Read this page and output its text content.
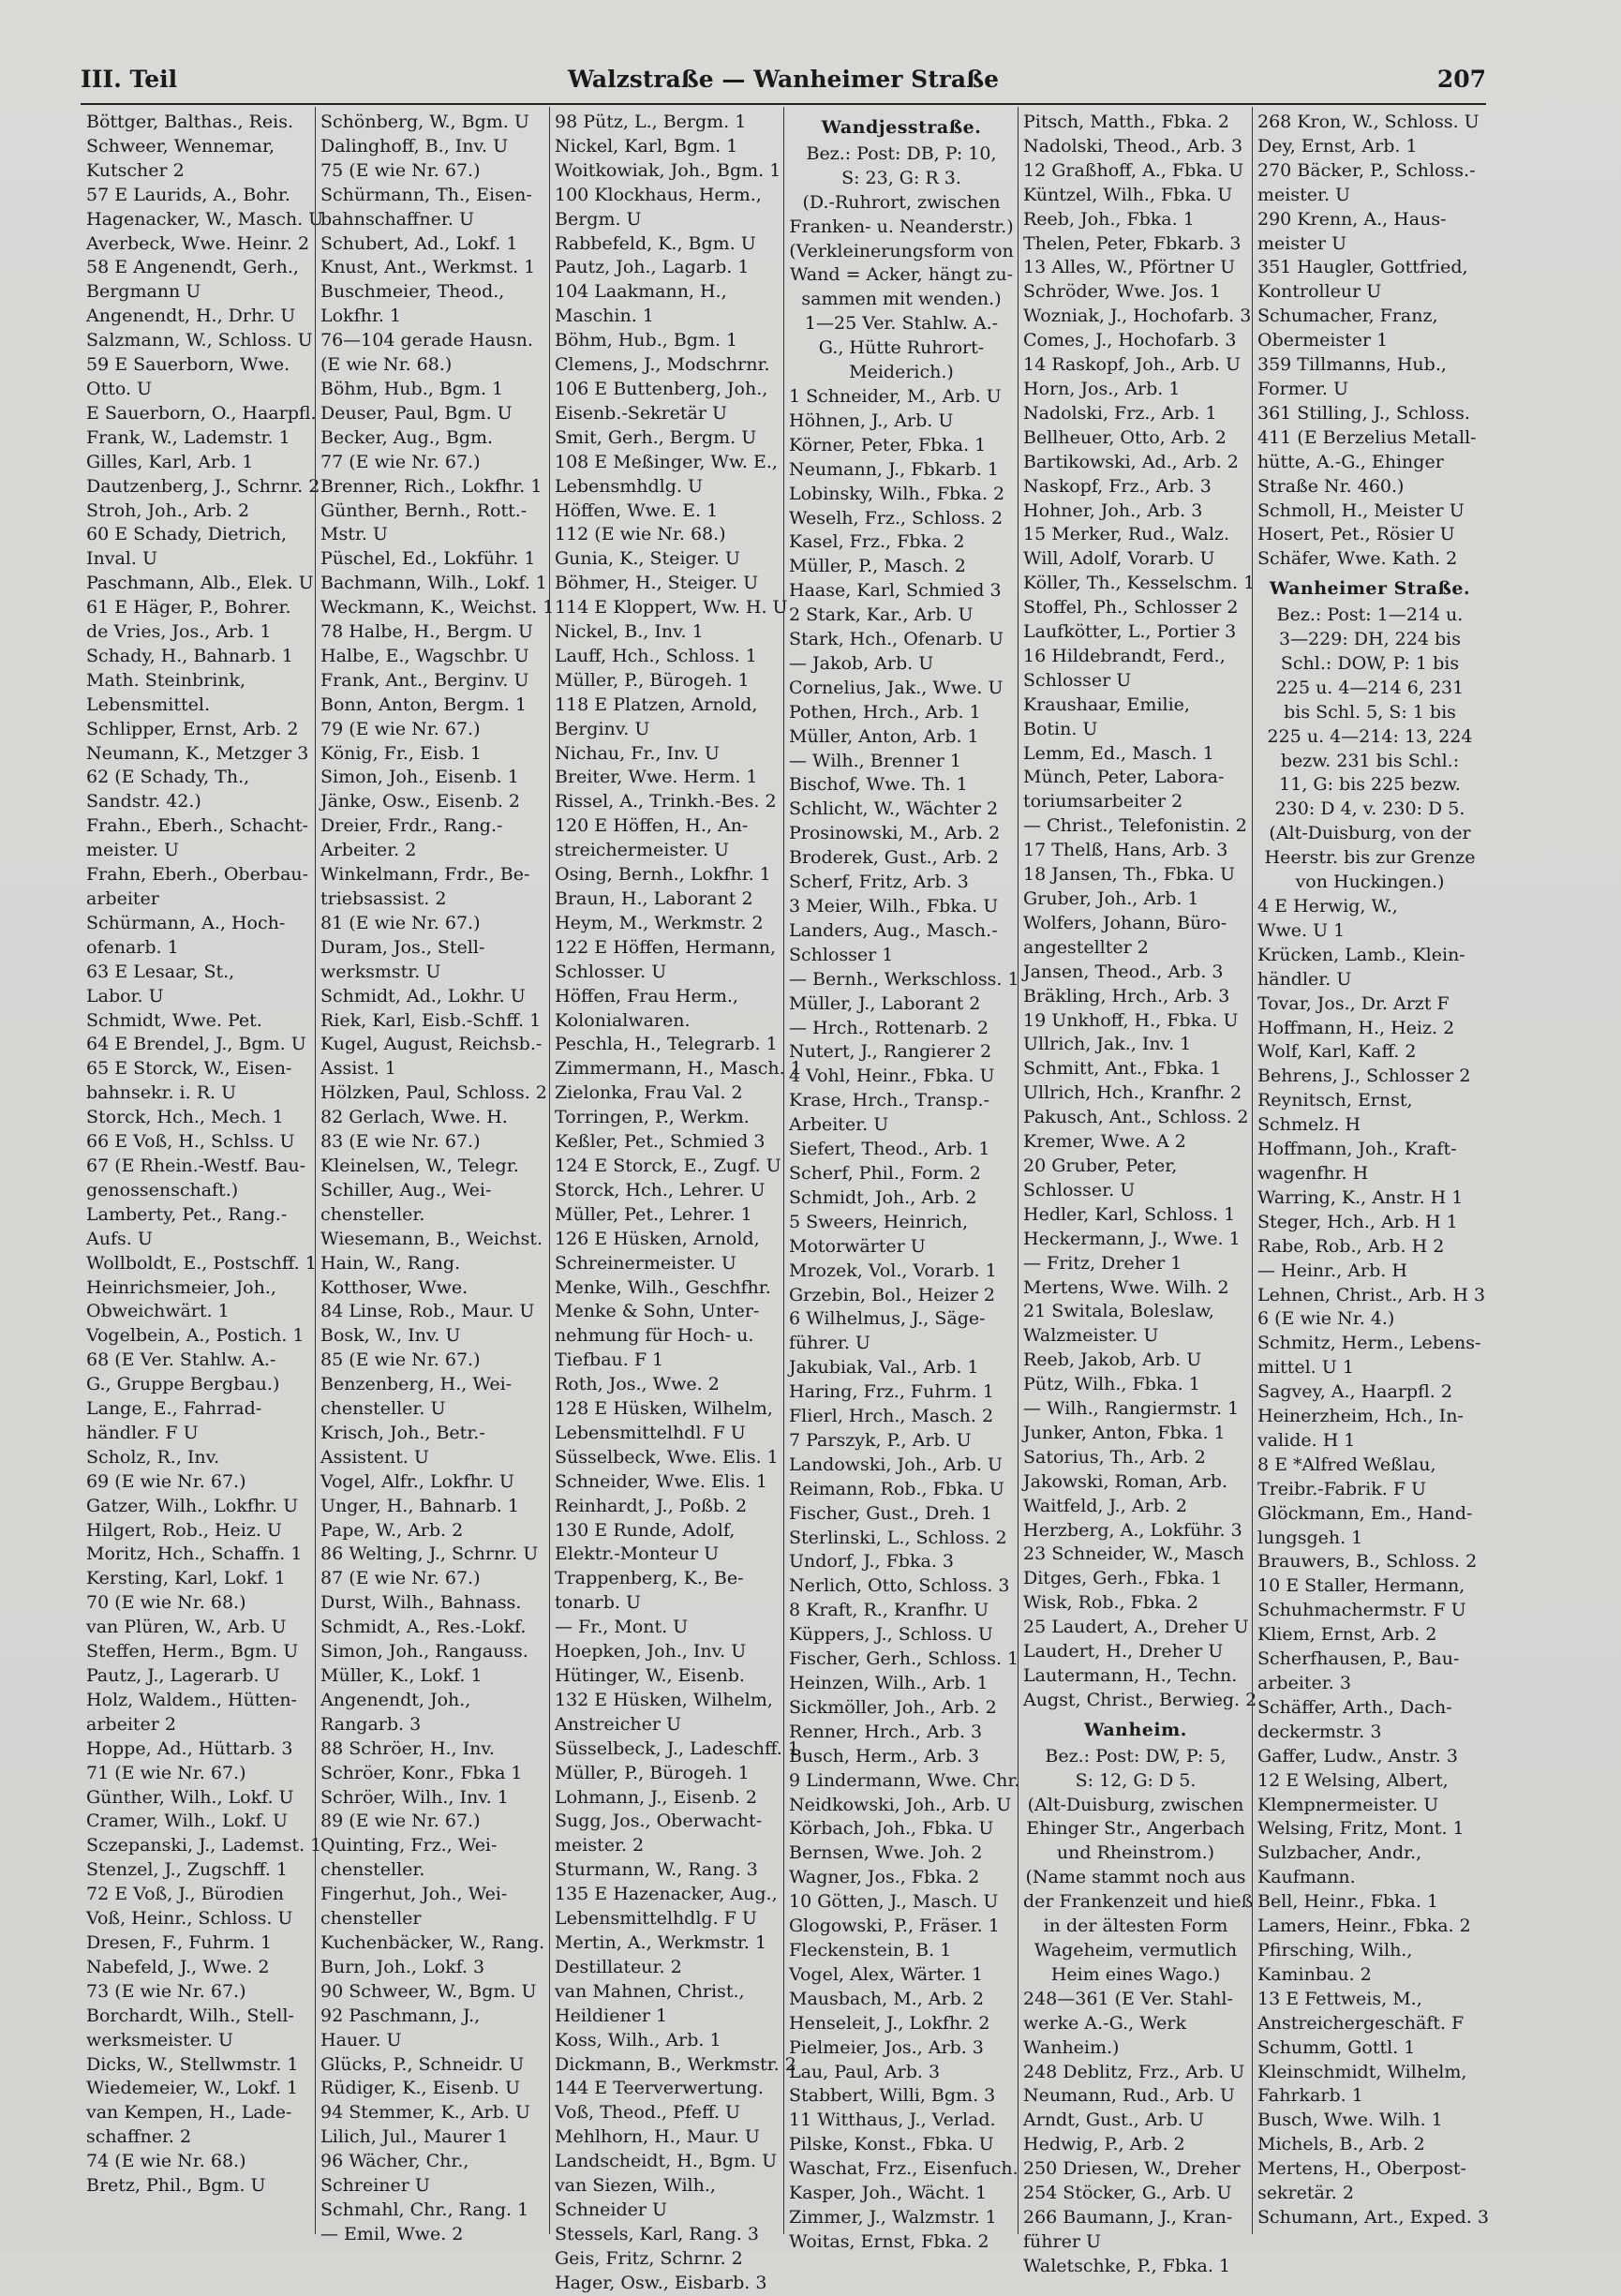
III. Teil	Walzstraße — Wanheimer Straße	207
Böttger, Balthas., Reis.
Schweer, Wennemar,
Kutscher 2
57 E Laurids, A., Bohr.
Hagenacker, W., Masch. U
Averbeck, Wwe. Heinr. 2
58 E Angenendt, Gerh.,
Bergmann U
Angenendt, H., Drhr. U
Salzmann, W., Schloss. U
59 E Sauerborn, Wwe.
Otto. U
E Sauerborn, O., Haarpfl.
Frank, W., Lademstr. 1
Gilles, Karl, Arb. 1
Dautzenberg, J., Schrnr. 2
Stroh, Joh., Arb. 2
60 E Schady, Dietrich,
Inval. U
Paschmann, Alb., Elek. U
61 E Häger, P., Bohrer.
de Vries, Jos., Arb. 1
Schady, H., Bahnarb. 1
Math. Steinbrink,
Lebensmittel.
Schlipper, Ernst, Arb. 2
Neumann, K., Metzger 3
62 (E Schady, Th.,
Sandstr. 42.)
Frahn., Eberh., Schacht-
meister. U
Frahn, Eberh., Oberbau-
arbeiter
Schürmann, A., Hoch-
ofenarb. 1
63 E Lesaar, St.,
Labor. U
Schmidt, Wwe. Pet.
64 E Brendel, J., Bgm. U
65 E Storck, W., Eisen-
bahnsekr. i. R. U
Storck, Hch., Mech. 1
66 E Voß, H., Schlss. U
67 (E Rhein.-Westf. Bau-
genossenschaft.)
Lamberty, Pet., Rang.-
Aufs. U
Wollboldt, E., Postschff. 1
Heinrichsmeier, Joh.,
Obweichwärt. 1
Vogelbein, A., Postich. 1
68 (E Ver. Stahlw. A.-
G., Gruppe Bergbau.)
Lange, E., Fahrrad-
händler. F U
Scholz, R., Inv.
69 (E wie Nr. 67.)
Gatzer, Wilh., Lokfhr. U
Hilgert, Rob., Heiz. U
Moritz, Hch., Schaffn. 1
Kersting, Karl, Lokf. 1
70 (E wie Nr. 68.)
van Plüren, W., Arb. U
Steffen, Herm., Bgm. U
Pautz, J., Lagerarb. U
Holz, Waldem., Hütten-
arbeiter 2
Hoppe, Ad., Hüttarb. 3
71 (E wie Nr. 67.)
Günther, Wilh., Lokf. U
Cramer, Wilh., Lokf. U
Sczepanski, J., Lademst. 1
Stenzel, J., Zugschff. 1
72 E Voß, J., Bürodien
Voß, Heinr., Schloss. U
Dresen, F., Fuhrm. 1
Nabefeld, J., Wwe. 2
73 (E wie Nr. 67.)
Borchardt, Wilh., Stell-
werksmeister. U
Dicks, W., Stellwmstr. 1
Wiedemeier, W., Lokf. 1
van Kempen, H., Lade-
schaffner. 2
74 (E wie Nr. 68.)
Bretz, Phil., Bgm. U
Schönberg, W., Bgm. U
Dalinghoff, B., Inv. U
75 (E wie Nr. 67.)
Schürmann, Th., Eisen-
bahnschaffner. U
Schubert, Ad., Lokf. 1
Knust, Ant., Werkmst. 1
Buschmeier, Theod.,
Lokfhr. 1
76—104 gerade Hausn.
(E wie Nr. 68.)
Böhm, Hub., Bgm. 1
Deuser, Paul, Bgm. U
Becker, Aug., Bgm.
77 (E wie Nr. 67.)
Brenner, Rich., Lokfhr. 1
Günther, Bernh., Rott.-
Mstr. U
Püschel, Ed., Lokführ. 1
Bachmann, Wilh., Lokf. 1
Weckmann, K., Weichst. 1
78 Halbe, H., Bergm. U
Halbe, E., Wagschbr. U
Frank, Ant., Berginv. U
Bonn, Anton, Bergm. 1
79 (E wie Nr. 67.)
König, Fr., Eisb. 1
Simon, Joh., Eisenb. 1
Jänke, Osw., Eisenb. 2
Dreier, Frdr., Rang.-
Arbeiter. 2
Winkelmann, Frdr., Be-
triebsassist. 2
81 (E wie Nr. 67.)
Duram, Jos., Stell-
werksmstr. U
Schmidt, Ad., Lokhr. U
Riek, Karl, Eisb.-Schff. 1
Kugel, August, Reichsb.-
Assist. 1
Hölzken, Paul, Schloss. 2
82 Gerlach, Wwe. H.
83 (E wie Nr. 67.)
Kleinelsen, W., Telegr.
Schiller, Aug., Wei-
chensteller.
Wiesemann, B., Weichst.
Hain, W., Rang.
Kotthoser, Wwe.
84 Linse, Rob., Maur. U
Bosk, W., Inv. U
85 (E wie Nr. 67.)
Benzenberg, H., Wei-
chensteller. U
Krisch, Joh., Betr.-
Assistent. U
Vogel, Alfr., Lokfhr. U
Unger, H., Bahnarb. 1
Pape, W., Arb. 2
86 Welting, J., Schrnr. U
87 (E wie Nr. 67.)
Durst, Wilh., Bahnass.
Schmidt, A., Res.-Lokf.
Simon, Joh., Rangauss.
Müller, K., Lokf. 1
Angenendt, Joh.,
Rangarb. 3
88 Schröer, H., Inv.
Schröer, Konr., Fbka 1
Schröer, Wilh., Inv. 1
89 (E wie Nr. 67.)
Quinting, Frz., Wei-
chensteller.
Fingerhut, Joh., Wei-
chensteller
Kuchenbäcker, W., Rang.
Burn, Joh., Lokf. 3
90 Schweer, W., Bgm. U
92 Paschmann, J.,
Hauer. U
Glücks, P., Schneidr. U
Rüdiger, K., Eisenb. U
94 Stemmer, K., Arb. U
Lilich, Jul., Maurer 1
96 Wächer, Chr.,
Schreiner U
Schmahl, Chr., Rang. 1
— Emil, Wwe. 2
98 Pütz, L., Bergm. 1
Nickel, Karl, Bgm. 1
Woitkowiak, Joh., Bgm. 1
100 Klockhaus, Herm.,
Bergm. U
Rabbefeld, K., Bgm. U
Pautz, Joh., Lagarb. 1
104 Laakmann, H.,
Maschin. 1
Böhm, Hub., Bgm. 1
Clemens, J., Modschrnr.
106 E Buttenberg, Joh.,
Eisenb.-Sekretär U
Smit, Gerh., Bergm. U
108 E Meßinger, Ww. E.,
Lebensmhdlg. U
Höffen, Wwe. E. 1
112 (E wie Nr. 68.)
Gunia, K., Steiger. U
Böhmer, H., Steiger. U
114 E Kloppert, Ww. H. U
Nickel, B., Inv. 1
Lauff, Hch., Schloss. 1
Müller, P., Bürogeh. 1
118 E Platzen, Arnold,
Berginv. U
Nichau, Fr., Inv. U
Breiter, Wwe. Herm. 1
Rissel, A., Trinkh.-Bes. 2
120 E Höffen, H., An-
streichermeister. U
Osing, Bernh., Lokfhr. 1
Braun, H., Laborant 2
Heym, M., Werkmstr. 2
122 E Höffen, Hermann,
Schlosser. U
Höffen, Frau Herm.,
Kolonialwaren.
Peschla, H., Telegrarb. 1
Zimmermann, H., Masch. 1
Zielonka, Frau Val. 2
Torringen, P., Werkm.
Keßler, Pet., Schmied 3
124 E Storck, E., Zugf. U
Storck, Hch., Lehrer. U
Müller, Pet., Lehrer. 1
126 E Hüsken, Arnold,
Schreinermeister. U
Menke, Wilh., Geschfhr.
Menke & Sohn, Unter-
nehmung für Hoch- u.
Tiefbau. F 1
Roth, Jos., Wwe. 2
128 E Hüsken, Wilhelm,
Lebensmittelhdl. F U
Süsselbeck, Wwe. Elis. 1
Schneider, Wwe. Elis. 1
Reinhardt, J., Poßb. 2
130 E Runde, Adolf,
Elektr.-Monteur U
Trappenberg, K., Be-
tonarb. U
— Fr., Mont. U
Hoepken, Joh., Inv. U
Hütinger, W., Eisenb.
132 E Hüsken, Wilhelm,
Anstreicher U
Süsselbeck, J., Ladeschff. 1
Müller, P., Bürogeh. 1
Lohmann, J., Eisenb. 2
Sugg, Jos., Oberwacht-
meister. 2
Sturmann, W., Rang. 3
135 E Hazenacker, Aug.,
Lebensmittelhdlg. F U
Mertin, A., Werkmstr. 1
Destillateur. 2
van Mahnen, Christ.,
Heildiener 1
Koss, Wilh., Arb. 1
Dickmann, B., Werkmstr. 2
144 E Teerverwertung.
Voß, Theod., Pfeff. U
Mehlhorn, H., Maur. U
Landscheidt, H., Bgm. U
van Siezen, Wilh.,
Schneider U
Stessels, Karl, Rang. 3
Geis, Fritz, Schrnr. 2
Hager, Osw., Eisbarb. 3
Wandjesstraße.
Bez.: Post: DB, P: 10,
S: 23, G: R 3.
(D.-Ruhrort, zwischen
Franken- u. Neanderstr.)
(Verkleinerungsform von
Wand = Acker, hängt zu-
sammen mit wenden.)
1—25 Ver. Stahlw. A.-
G., Hütte Ruhrort-
Meiderich.)
1 Schneider, M., Arb. U
Höhnen, J., Arb. U
Körner, Peter, Fbka. 1
Neumann, J., Fbkarb. 1
Lobinsky, Wilh., Fbka. 2
Weselh, Frz., Schloss. 2
Kasel, Frz., Fbka. 2
Müller, P., Masch. 2
Haase, Karl, Schmied 3
2 Stark, Kar., Arb. U
Stark, Hch., Ofenarb. U
— Jakob, Arb. U
Cornelius, Jak., Wwe. U
Pothen, Hrch., Arb. 1
Müller, Anton, Arb. 1
— Wilh., Brenner 1
Bischof, Wwe. Th. 1
Schlicht, W., Wächter 2
Prosinowski, M., Arb. 2
Broderek, Gust., Arb. 2
Scherf, Fritz, Arb. 3
3 Meier, Wilh., Fbka. U
Landers, Aug., Masch.-
Schlosser 1
— Bernh., Werkschloss. 1
Müller, J., Laborant 2
— Hrch., Rottenarb. 2
Nutert, J., Rangierer 2
4 Vohl, Heinr., Fbka. U
Krase, Hrch., Transp.-
Arbeiter. U
Siefert, Theod., Arb. 1
Scherf, Phil., Form. 2
Schmidt, Joh., Arb. 2
5 Sweers, Heinrich,
Motorwärter U
Mrozek, Vol., Vorarb. 1
Grzebin, Bol., Heizer 2
6 Wilhelmus, J., Säge-
führer. U
Jakubiak, Val., Arb. 1
Haring, Frz., Fuhrm. 1
Flierl, Hrch., Masch. 2
7 Parszyk, P., Arb. U
Landowski, Joh., Arb. U
Reimann, Rob., Fbka. U
Fischer, Gust., Dreh. 1
Sterlinski, L., Schloss. 2
Undorf, J., Fbka. 3
Nerlich, Otto, Schloss. 3
8 Kraft, R., Kranfhr. U
Küppers, J., Schloss. U
Fischer, Gerh., Schloss. 1
Heinzen, Wilh., Arb. 1
Sickmöller, Joh., Arb. 2
Renner, Hrch., Arb. 3
Busch, Herm., Arb. 3
9 Lindermann, Wwe. Chr.
Neidkowski, Joh., Arb. U
Körbach, Joh., Fbka. U
Bernsen, Wwe. Joh. 2
Wagner, Jos., Fbka. 2
10 Götten, J., Masch. U
Glogowski, P., Fräser. 1
Fleckenstein, B. 1
Vogel, Alex, Wärter. 1
Mausbach, M., Arb. 2
Henseleit, J., Lokfhr. 2
Pielmeier, Jos., Arb. 3
Lau, Paul, Arb. 3
Stabbert, Willi, Bgm. 3
11 Witthaus, J., Verlad.
Pilske, Konst., Fbka. U
Waschat, Frz., Eisenfuch.
Kasper, Joh., Wächt. 1
Zimmer, J., Walzmstr. 1
Woitas, Ernst, Fbka. 2
Pitsch, Matth., Fbka. 2
Nadolski, Theod., Arb. 3
12 Graßhoff, A., Fbka. U
Küntzel, Wilh., Fbka. U
Reeb, Joh., Fbka. 1
Thelen, Peter, Fbkarb. 3
13 Alles, W., Pförtner U
Schröder, Wwe. Jos. 1
Wozniak, J., Hochofarb. 3
Comes, J., Hochofarb. 3
14 Raskopf, Joh., Arb. U
Horn, Jos., Arb. 1
Nadolski, Frz., Arb. 1
Bellheuer, Otto, Arb. 2
Bartikowski, Ad., Arb. 2
Naskopf, Frz., Arb. 3
Hohner, Joh., Arb. 3
15 Merker, Rud., Walz.
Will, Adolf, Vorarb. U
Köller, Th., Kesselschm. 1
Stoffel, Ph., Schlosser 2
Laufkötter, L., Portier 3
16 Hildebrandt, Ferd.,
Schlosser U
Kraushaar, Emilie,
Botin. U
Lemm, Ed., Masch. 1
Münch, Peter, Labora-
toriumsarbeiter 2
— Christ., Telefonistin. 2
17 Thelß, Hans, Arb. 3
18 Jansen, Th., Fbka. U
Gruber, Joh., Arb. 1
Wolfers, Johann, Büro-
angestellter 2
Jansen, Theod., Arb. 3
Bräkling, Hrch., Arb. 3
19 Unkhoff, H., Fbka. U
Ullrich, Jak., Inv. 1
Schmitt, Ant., Fbka. 1
Ullrich, Hch., Kranfhr. 2
Pakusch, Ant., Schloss. 2
Kremer, Wwe. A 2
20 Gruber, Peter,
Schlosser. U
Hedler, Karl, Schloss. 1
Heckermann, J., Wwe. 1
— Fritz, Dreher 1
Mertens, Wwe. Wilh. 2
21 Switala, Boleslaw,
Walzmeister. U
Reeb, Jakob, Arb. U
Pütz, Wilh., Fbka. 1
— Wilh., Rangiermstr. 1
Junker, Anton, Fbka. 1
Satorius, Th., Arb. 2
Jakowski, Roman, Arb.
Waitfeld, J., Arb. 2
Herzberg, A., Lokführ. 3
23 Schneider, W., Masch
Ditges, Gerh., Fbka. 1
Wisk, Rob., Fbka. 2
25 Laudert, A., Dreher U
Laudert, H., Dreher U
Lautermann, H., Techn.
Augst, Christ., Berwieg. 2
Wanheim.
Bez.: Post: DW, P: 5,
S: 12, G: D 5.
(Alt-Duisburg, zwischen
Ehinger Str., Angerbach
und Rheinstrom.)
(Name stammt noch aus
der Frankenzeit und hieß
in der ältesten Form
Wageheim, vermutlich
Heim eines Wago.)
248—361 (E Ver. Stahl-
werke A.-G., Werk
Wanheim.)
248 Deblitz, Frz., Arb. U
Neumann, Rud., Arb. U
Arndt, Gust., Arb. U
Hedwig, P., Arb. 2
250 Driesen, W., Dreher
254 Stöcker, G., Arb. U
266 Baumann, J., Kran-
führer U
Waletschke, P., Fbka. 1
268 Kron, W., Schloss. U
Dey, Ernst, Arb. 1
270 Bäcker, P., Schloss.-
meister. U
290 Krenn, A., Haus-
meister U
351 Haugler, Gottfried,
Kontrolleur U
Schumacher, Franz,
Obermeister 1
359 Tillmanns, Hub.,
Former. U
361 Stilling, J., Schloss.
411 (E Berzelius Metall-
hütte, A.-G., Ehinger
Straße Nr. 460.)
Schmoll, H., Meister U
Hosert, Pet., Rösier U
Schäfer, Wwe. Kath. 2
Wanheimer Straße.
Bez.: Post: 1—214 u.
3—229: DH, 224 bis
Schl.: DOW, P: 1 bis
225 u. 4—214 6, 231
bis Schl. 5, S: 1 bis
225 u. 4—214: 13, 224
bezw. 231 bis Schl.:
11, G: bis 225 bezw.
230: D 4, v. 230: D 5.
(Alt-Duisburg, von der
Heerstr. bis zur Grenze
von Huckingen.)
4 E Herwig, W.,
Wwe. U 1
Krücken, Lamb., Klein-
händler. U
Tovar, Jos., Dr. Arzt F
Hoffmann, H., Heiz. 2
Wolf, Karl, Kaff. 2
Behrens, J., Schlosser 2
Reynitsch, Ernst,
Schmelz. H
Hoffmann, Joh., Kraft-
wagenfhr. H
Warring, K., Anstr. H 1
Steger, Hch., Arb. H 1
Rabe, Rob., Arb. H 2
— Heinr., Arb. H
Lehnen, Christ., Arb. H 3
6 (E wie Nr. 4.)
Schmitz, Herm., Lebens-
mittel. U 1
Sagvey, A., Haarpfl. 2
Heinerzheim, Hch., In-
valide. H 1
8 E *Alfred Weßlau,
Treibr.-Fabrik. F U
Glöckmann, Em., Hand-
lungsgeh. 1
Brauwers, B., Schloss. 2
10 E Staller, Hermann,
Schuhmachermstr. F U
Kliem, Ernst, Arb. 2
Scherfhausen, P., Bau-
arbeiter. 3
Schäffer, Arth., Dach-
deckermstr. 3
Gaffer, Ludw., Anstr. 3
12 E Welsing, Albert,
Klempnermeister. U
Welsing, Fritz, Mont. 1
Sulzbacher, Andr.,
Kaufmann.
Bell, Heinr., Fbka. 1
Lamers, Heinr., Fbka. 2
Pfirsching, Wilh.,
Kaminbau. 2
13 E Fettweis, M.,
Anstreichergeschäft. F
Schumm, Gottl. 1
Kleinschmidt, Wilhelm,
Fahrkarb. 1
Busch, Wwe. Wilh. 1
Michels, B., Arb. 2
Mertens, H., Oberpost-
sekretär. 2
Schumann, Art., Exped. 3
